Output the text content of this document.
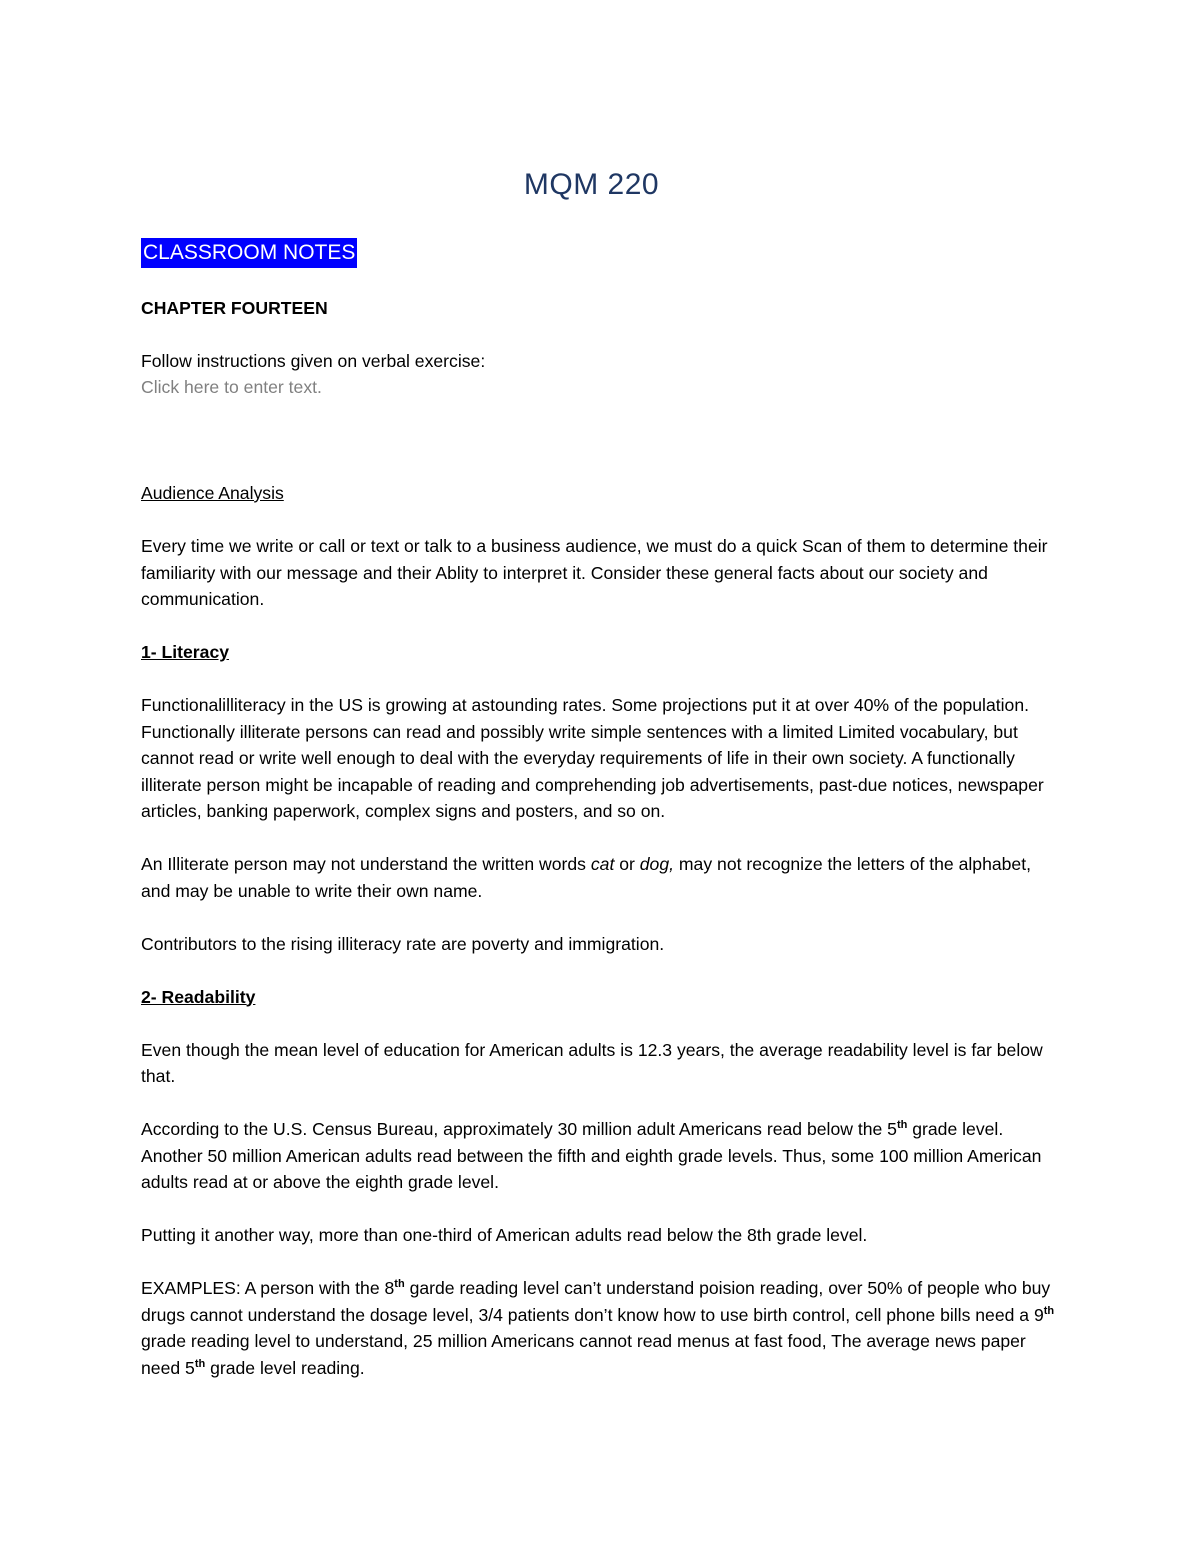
MQM 220

CLASSROOM NOTES

CHAPTER FOURTEEN

Follow instructions given on verbal exercise:

Click here to enter text.

Audience Analysis

Every time we write or call or text or talk to a business audience, we must do a quick Scan of them to determine their familiarity with our message and their Ablity to interpret it. Consider these general facts about our society and communication.

1- Literacy

Functionalilliteracy in the US is growing at astounding rates. Some projections put it at over 40% of the population. Functionally illiterate persons can read and possibly write simple sentences with a limited Limited vocabulary, but cannot read or write well enough to deal with the everyday requirements of life in their own society. A functionally illiterate person might be incapable of reading and comprehending job advertisements, past-due notices, newspaper articles, banking paperwork, complex signs and posters, and so on.

An Illiterate person may not understand the written words cat or dog, may not recognize the letters of the alphabet, and may be unable to write their own name.

Contributors to the rising illiteracy rate are poverty and immigration.

2- Readability

Even though the mean level of education for American adults is 12.3 years, the average readability level is far below that.

According to the U.S. Census Bureau, approximately 30 million adult Americans read below the 5th grade level. Another 50 million American adults read between the fifth and eighth grade levels. Thus, some 100 million American adults read at or above the eighth grade level.

Putting it another way, more than one-third of American adults read below the 8th grade level.

EXAMPLES: A person with the 8th garde reading level can’t understand poision reading, over 50% of people who buy drugs cannot understand the dosage level, 3/4 patients don’t know how to use birth control, cell phone bills need a 9th grade reading level to understand, 25 million Americans cannot read menus at fast food, The average news paper need 5th grade level reading.
